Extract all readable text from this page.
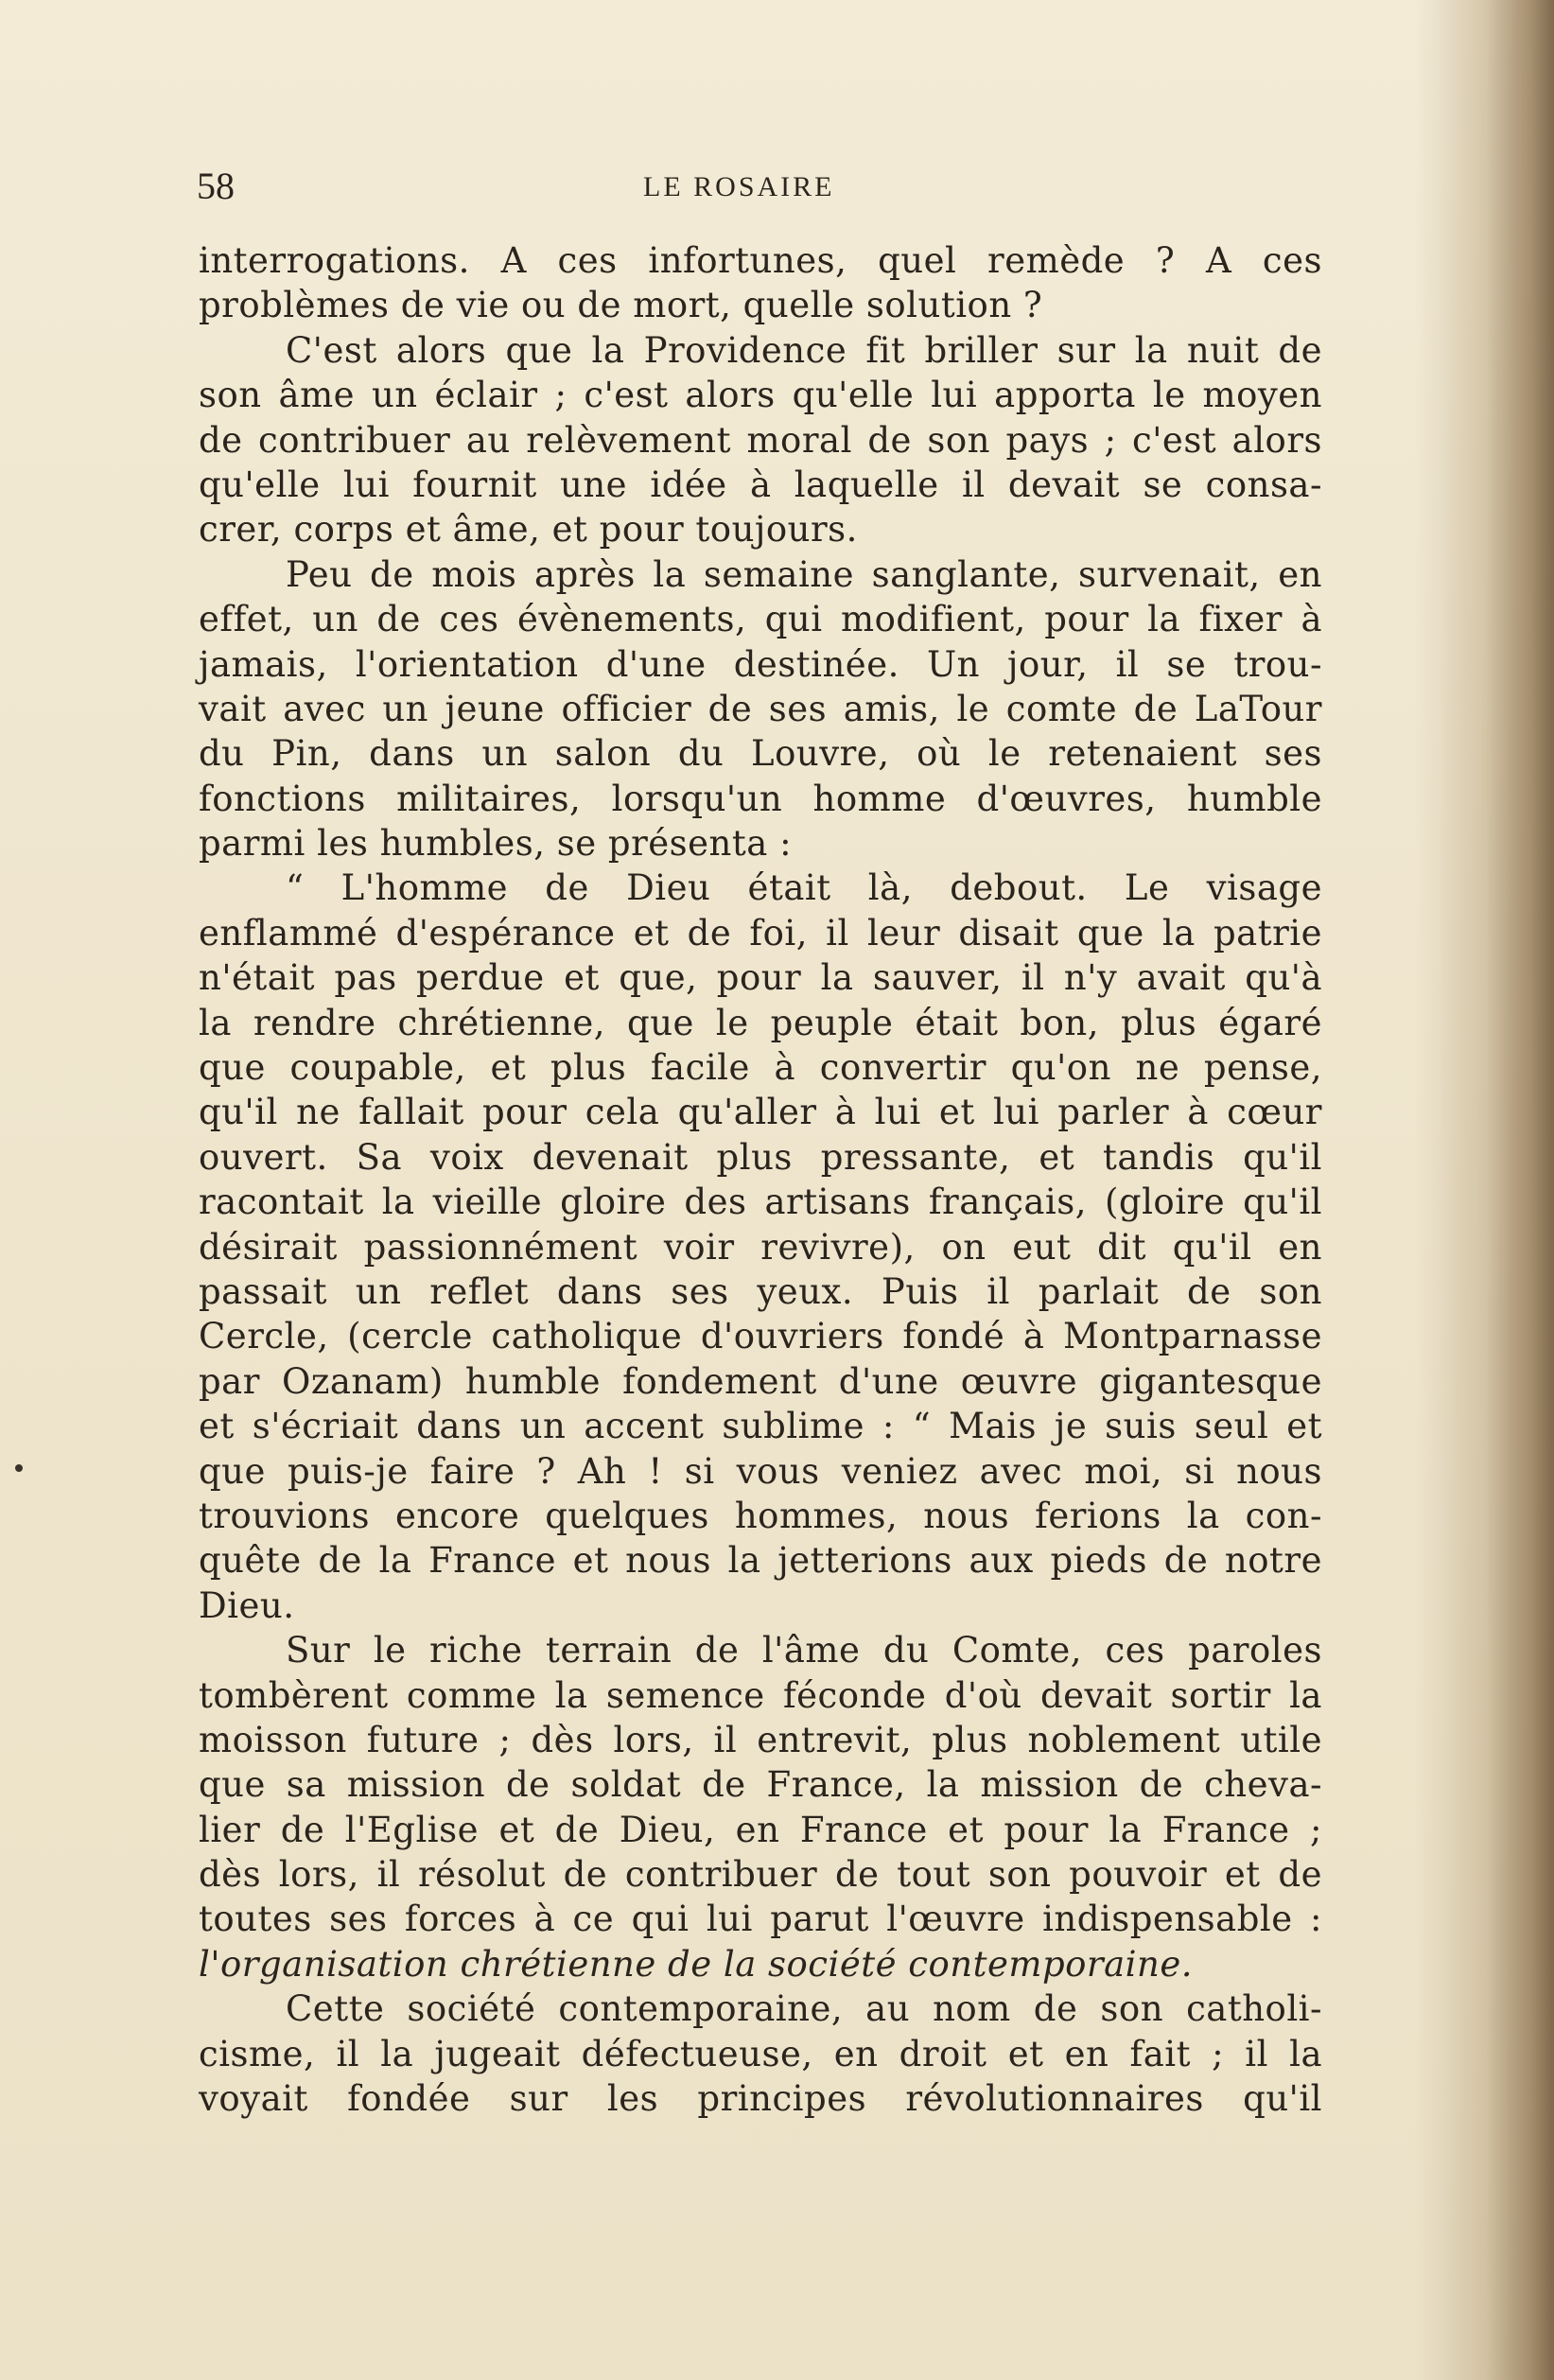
58	LE ROSAIRE
interrogations. A ces infortunes, quel remède ? A ces
problèmes de vie ou de mort, quelle solution ?
C'est alors que la Providence fit briller sur la nuit de
son âme un éclair ; c'est alors qu'elle lui apporta le moyen
de contribuer au relèvement moral de son pays ; c'est alors
qu'elle lui fournit une idée à laquelle il devait se consa-
crer, corps et âme, et pour toujours.
Peu de mois après la semaine sanglante, survenait, en
effet, un de ces évènements, qui modifient, pour la fixer à
jamais, l'orientation d'une destinée. Un jour, il se trou-
vait avec un jeune officier de ses amis, le comte de LaTour
du Pin, dans un salon du Louvre, où le retenaient ses
fonctions militaires, lorsqu'un homme d'œuvres, humble
parmi les humbles, se présenta :
“ L'homme de Dieu était là, debout. Le visage
enflammé d'espérance et de foi, il leur disait que la patrie
n'était pas perdue et que, pour la sauver, il n'y avait qu'à
la rendre chrétienne, que le peuple était bon, plus égaré
que coupable, et plus facile à convertir qu'on ne pense,
qu'il ne fallait pour cela qu'aller à lui et lui parler à cœur
ouvert. Sa voix devenait plus pressante, et tandis qu'il
racontait la vieille gloire des artisans français, (gloire qu'il
désirait passionnément voir revivre), on eut dit qu'il en
passait un reflet dans ses yeux. Puis il parlait de son
Cercle, (cercle catholique d'ouvriers fondé à Montparnasse
par Ozanam) humble fondement d'une œuvre gigantesque
et s'écriait dans un accent sublime : “ Mais je suis seul et
que puis-je faire ? Ah ! si vous veniez avec moi, si nous
trouvions encore quelques hommes, nous ferions la con-
quête de la France et nous la jetterions aux pieds de notre
Dieu.
Sur le riche terrain de l'âme du Comte, ces paroles
tombèrent comme la semence féconde d'où devait sortir la
moisson future ; dès lors, il entrevit, plus noblement utile
que sa mission de soldat de France, la mission de cheva-
lier de l'Eglise et de Dieu, en France et pour la France ;
dès lors, il résolut de contribuer de tout son pouvoir et de
toutes ses forces à ce qui lui parut l'œuvre indispensable :
l'organisation chrétienne de la société contemporaine.
Cette société contemporaine, au nom de son catholi-
cisme, il la jugeait défectueuse, en droit et en fait ; il la
voyait fondée sur les principes révolutionnaires qu'il
